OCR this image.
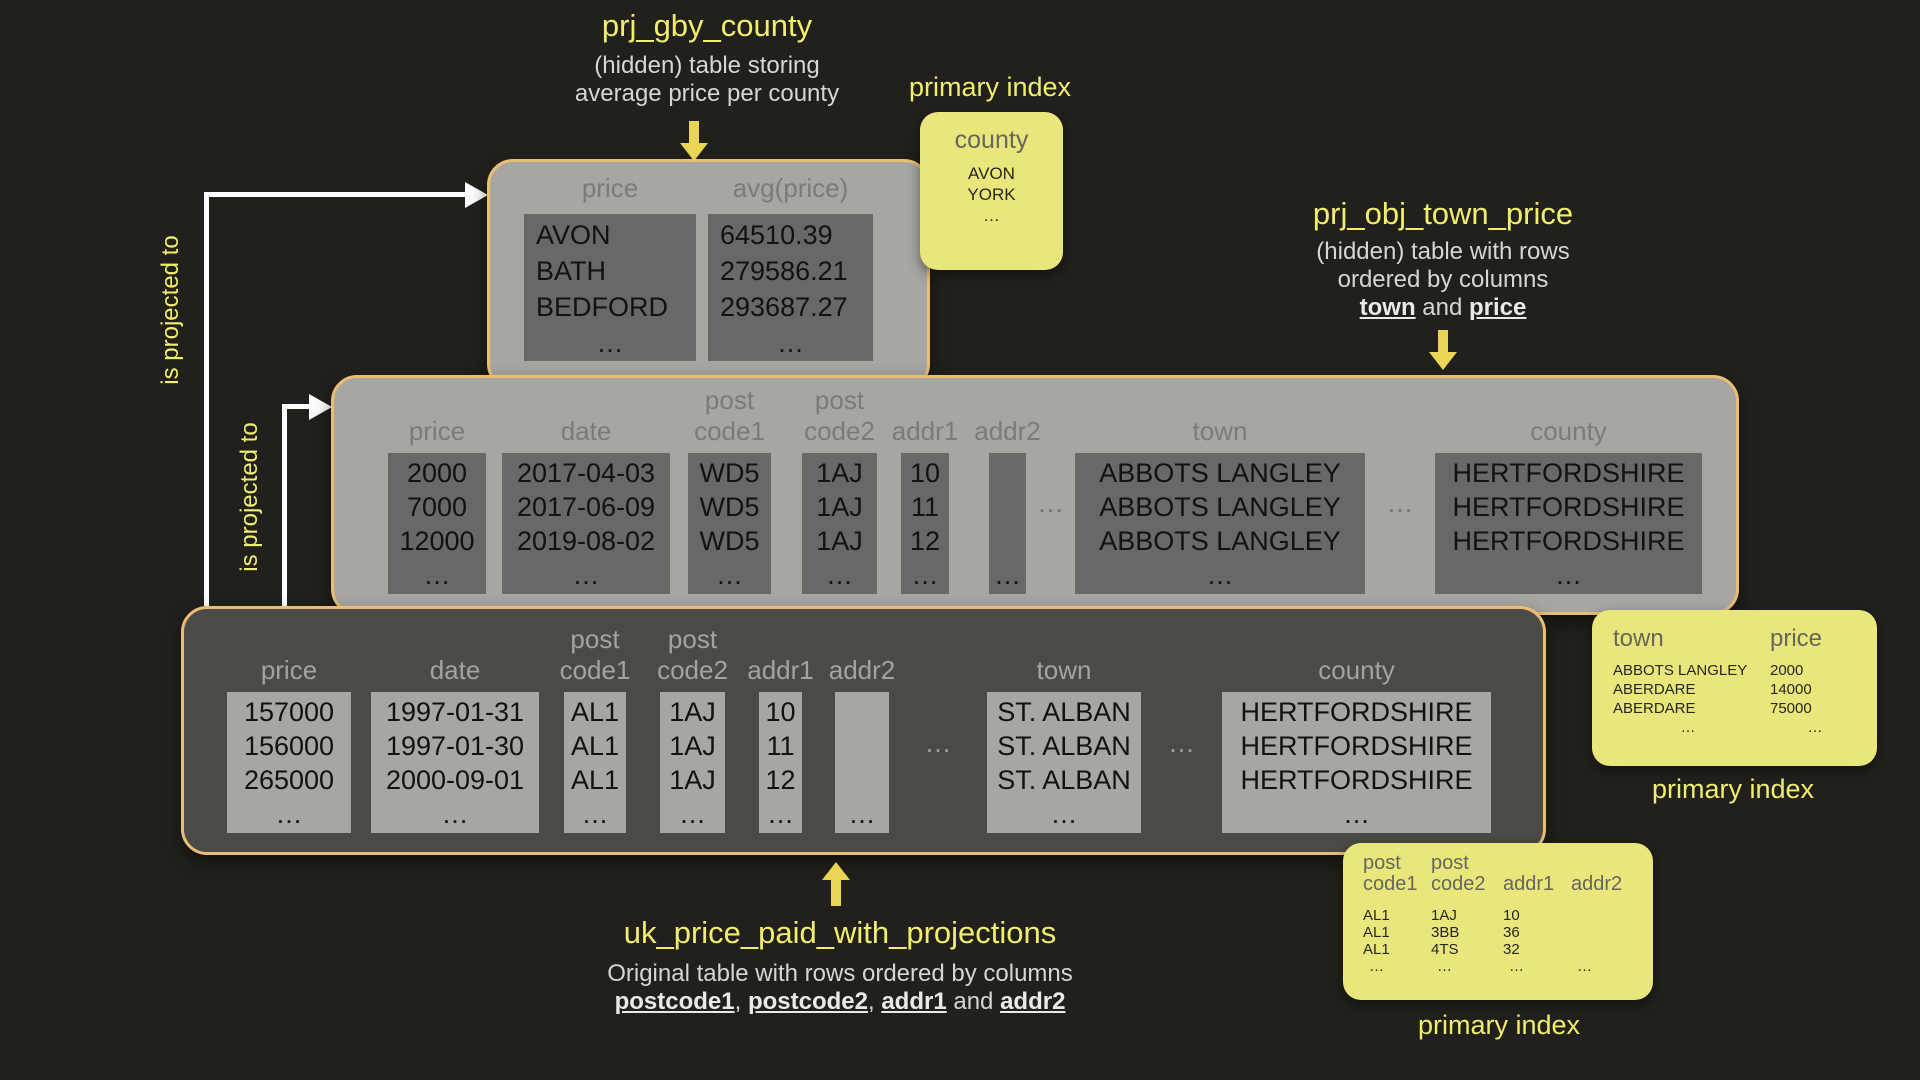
is projected to
is projected to
prj_gby_county
(hidden) table storing
average price per county
price
AVON
BATH
BEDFORD
…
avg(price)
64510.39
279586.21
293687.27
…
primary index
county
AVON
YORK
…	prj_obj_town_price
(hidden) table with rows
ordered by columns
town and price
price
2000
7000
12000
…
date
2017-04-03
2017-06-09
2019-08-02
…
post
code1
WD5
WD5
WD5
…
post
code2
1AJ
1AJ
1AJ
…
addr1
10
11
12
…
addr2
…
…
town
ABBOTS LANGLEY
ABBOTS LANGLEY
ABBOTS LANGLEY
…
…
county
HERTFORDSHIRE
HERTFORDSHIRE
HERTFORDSHIRE
…
price
157000
156000
265000
…
date
1997-01-31
1997-01-30
2000-09-01
…
post
code1
AL1
AL1
AL1
…
post
code2
1AJ
1AJ
1AJ
…
addr1
10
11
12
…
addr2
…
…
town
ST. ALBAN
ST. ALBAN
ST. ALBAN
…
…
county
HERTFORDSHIRE
HERTFORDSHIRE
HERTFORDSHIRE
…
uk_price_paid_with_projections
Original table with rows ordered by columns
postcode1, postcode2, addr1 and addr2
town
ABBOTS LANGLEY
ABERDARE
ABERDARE
…
price
2000
14000
75000
…
primary index
post
code1
AL1
AL1
AL1
…
post
code2
1AJ
3BB
4TS
…
addr1
10
36
32
…
addr2
…
primary index
